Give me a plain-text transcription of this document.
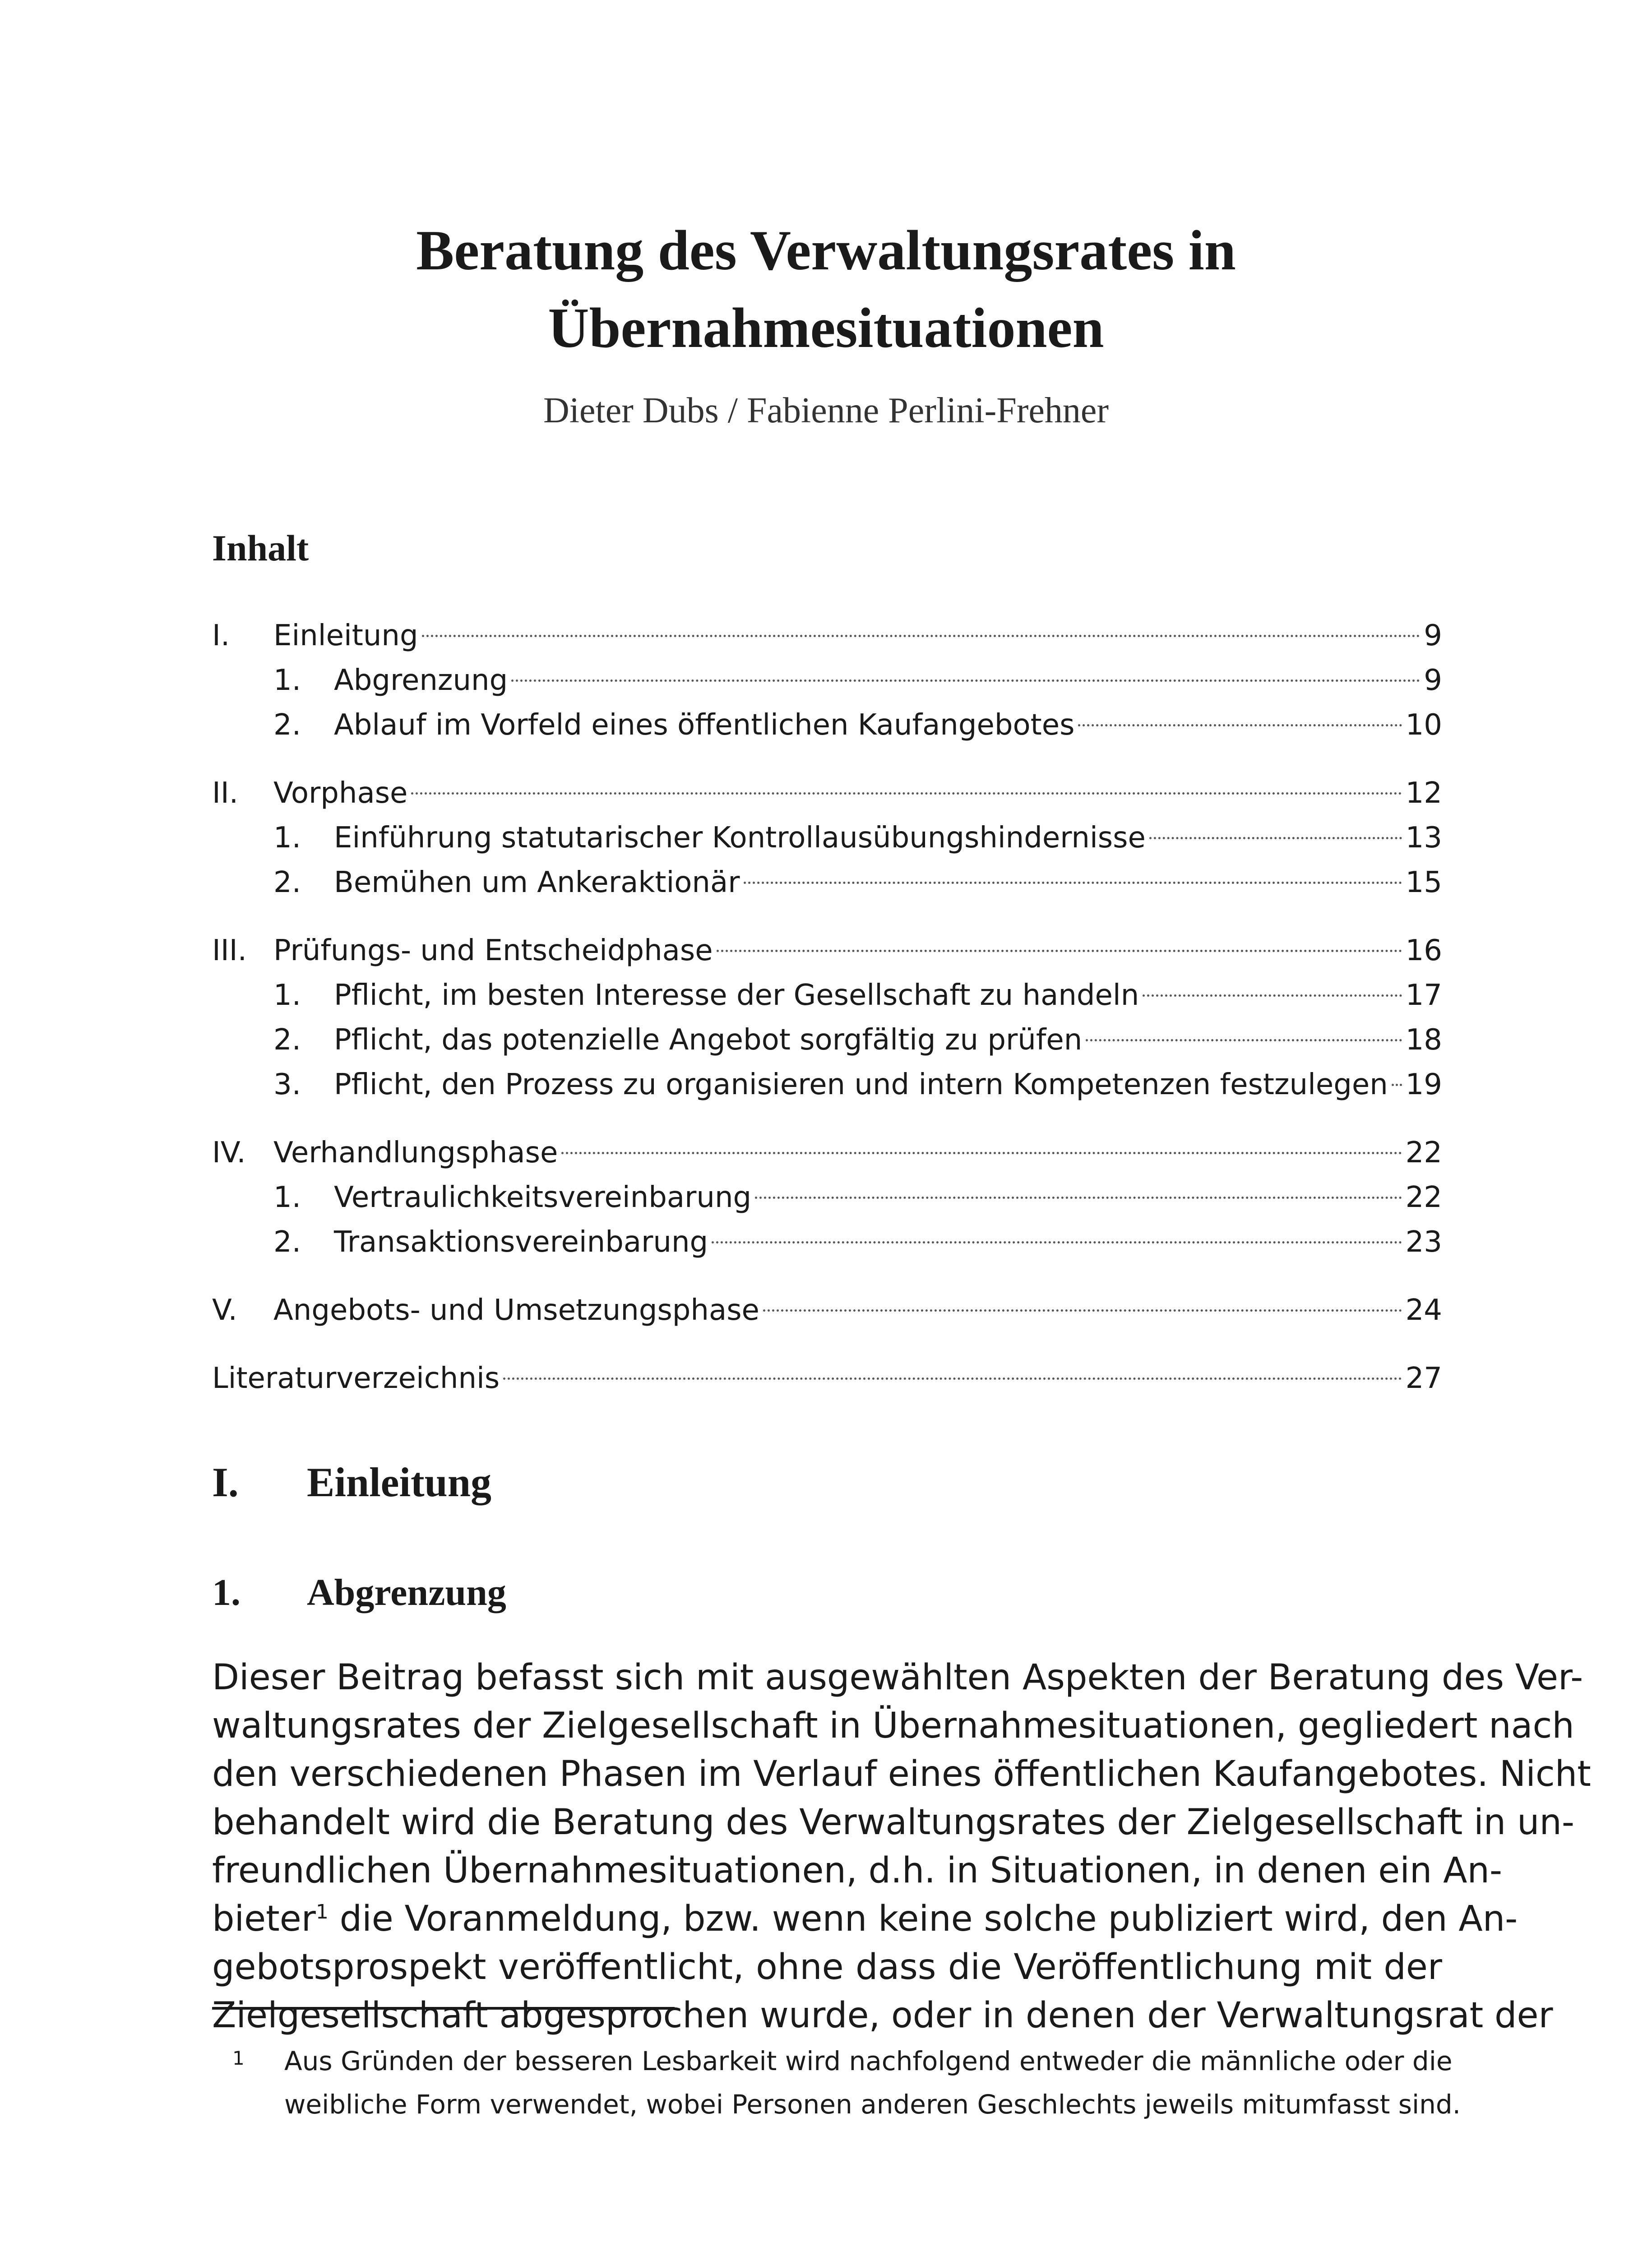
Beratung des Verwaltungsrates in
Übernahmesituationen
Dieter Dubs / Fabienne Perlini-Frehner
Inhalt
I. Einleitung	9
1. Abgrenzung	9
2. Ablauf im Vorfeld eines öffentlichen Kaufangebotes	10
II. Vorphase	12
1. Einführung statutarischer Kontrollausübungshindernisse	13
2. Bemühen um Ankeraktionär	15
III. Prüfungs- und Entscheidphase	16
1. Pflicht, im besten Interesse der Gesellschaft zu handeln	17
2. Pflicht, das potenzielle Angebot sorgfältig zu prüfen	18
3. Pflicht, den Prozess zu organisieren und intern Kompetenzen festzulegen 19
IV. Verhandlungsphase	22
1. Vertraulichkeitsvereinbarung	22
2. Transaktionsvereinbarung	23
V. Angebots- und Umsetzungsphase	24
Literaturverzeichnis	27
I. Einleitung
1. Abgrenzung
Dieser Beitrag befasst sich mit ausgewählten Aspekten der Beratung des Ver-
waltungsrates der Zielgesellschaft in Übernahmesituationen, gegliedert nach
den verschiedenen Phasen im Verlauf eines öffentlichen Kaufangebotes. Nicht
behandelt wird die Beratung des Verwaltungsrates der Zielgesellschaft in un-
freundlichen Übernahmesituationen, d.h. in Situationen, in denen ein An-
bieter$^1$ die Voranmeldung, bzw. wenn keine solche publiziert wird, den An-
gebotsprospekt veröffentlicht, ohne dass die Veröffentlichung mit der
Zielgesellschaft abgesprochen wurde, oder in denen der Verwaltungsrat der
1 Aus Gründen der besseren Lesbarkeit wird nachfolgend entweder die männliche oder die
weibliche Form verwendet, wobei Personen anderen Geschlechts jeweils mitumfasst sind.
